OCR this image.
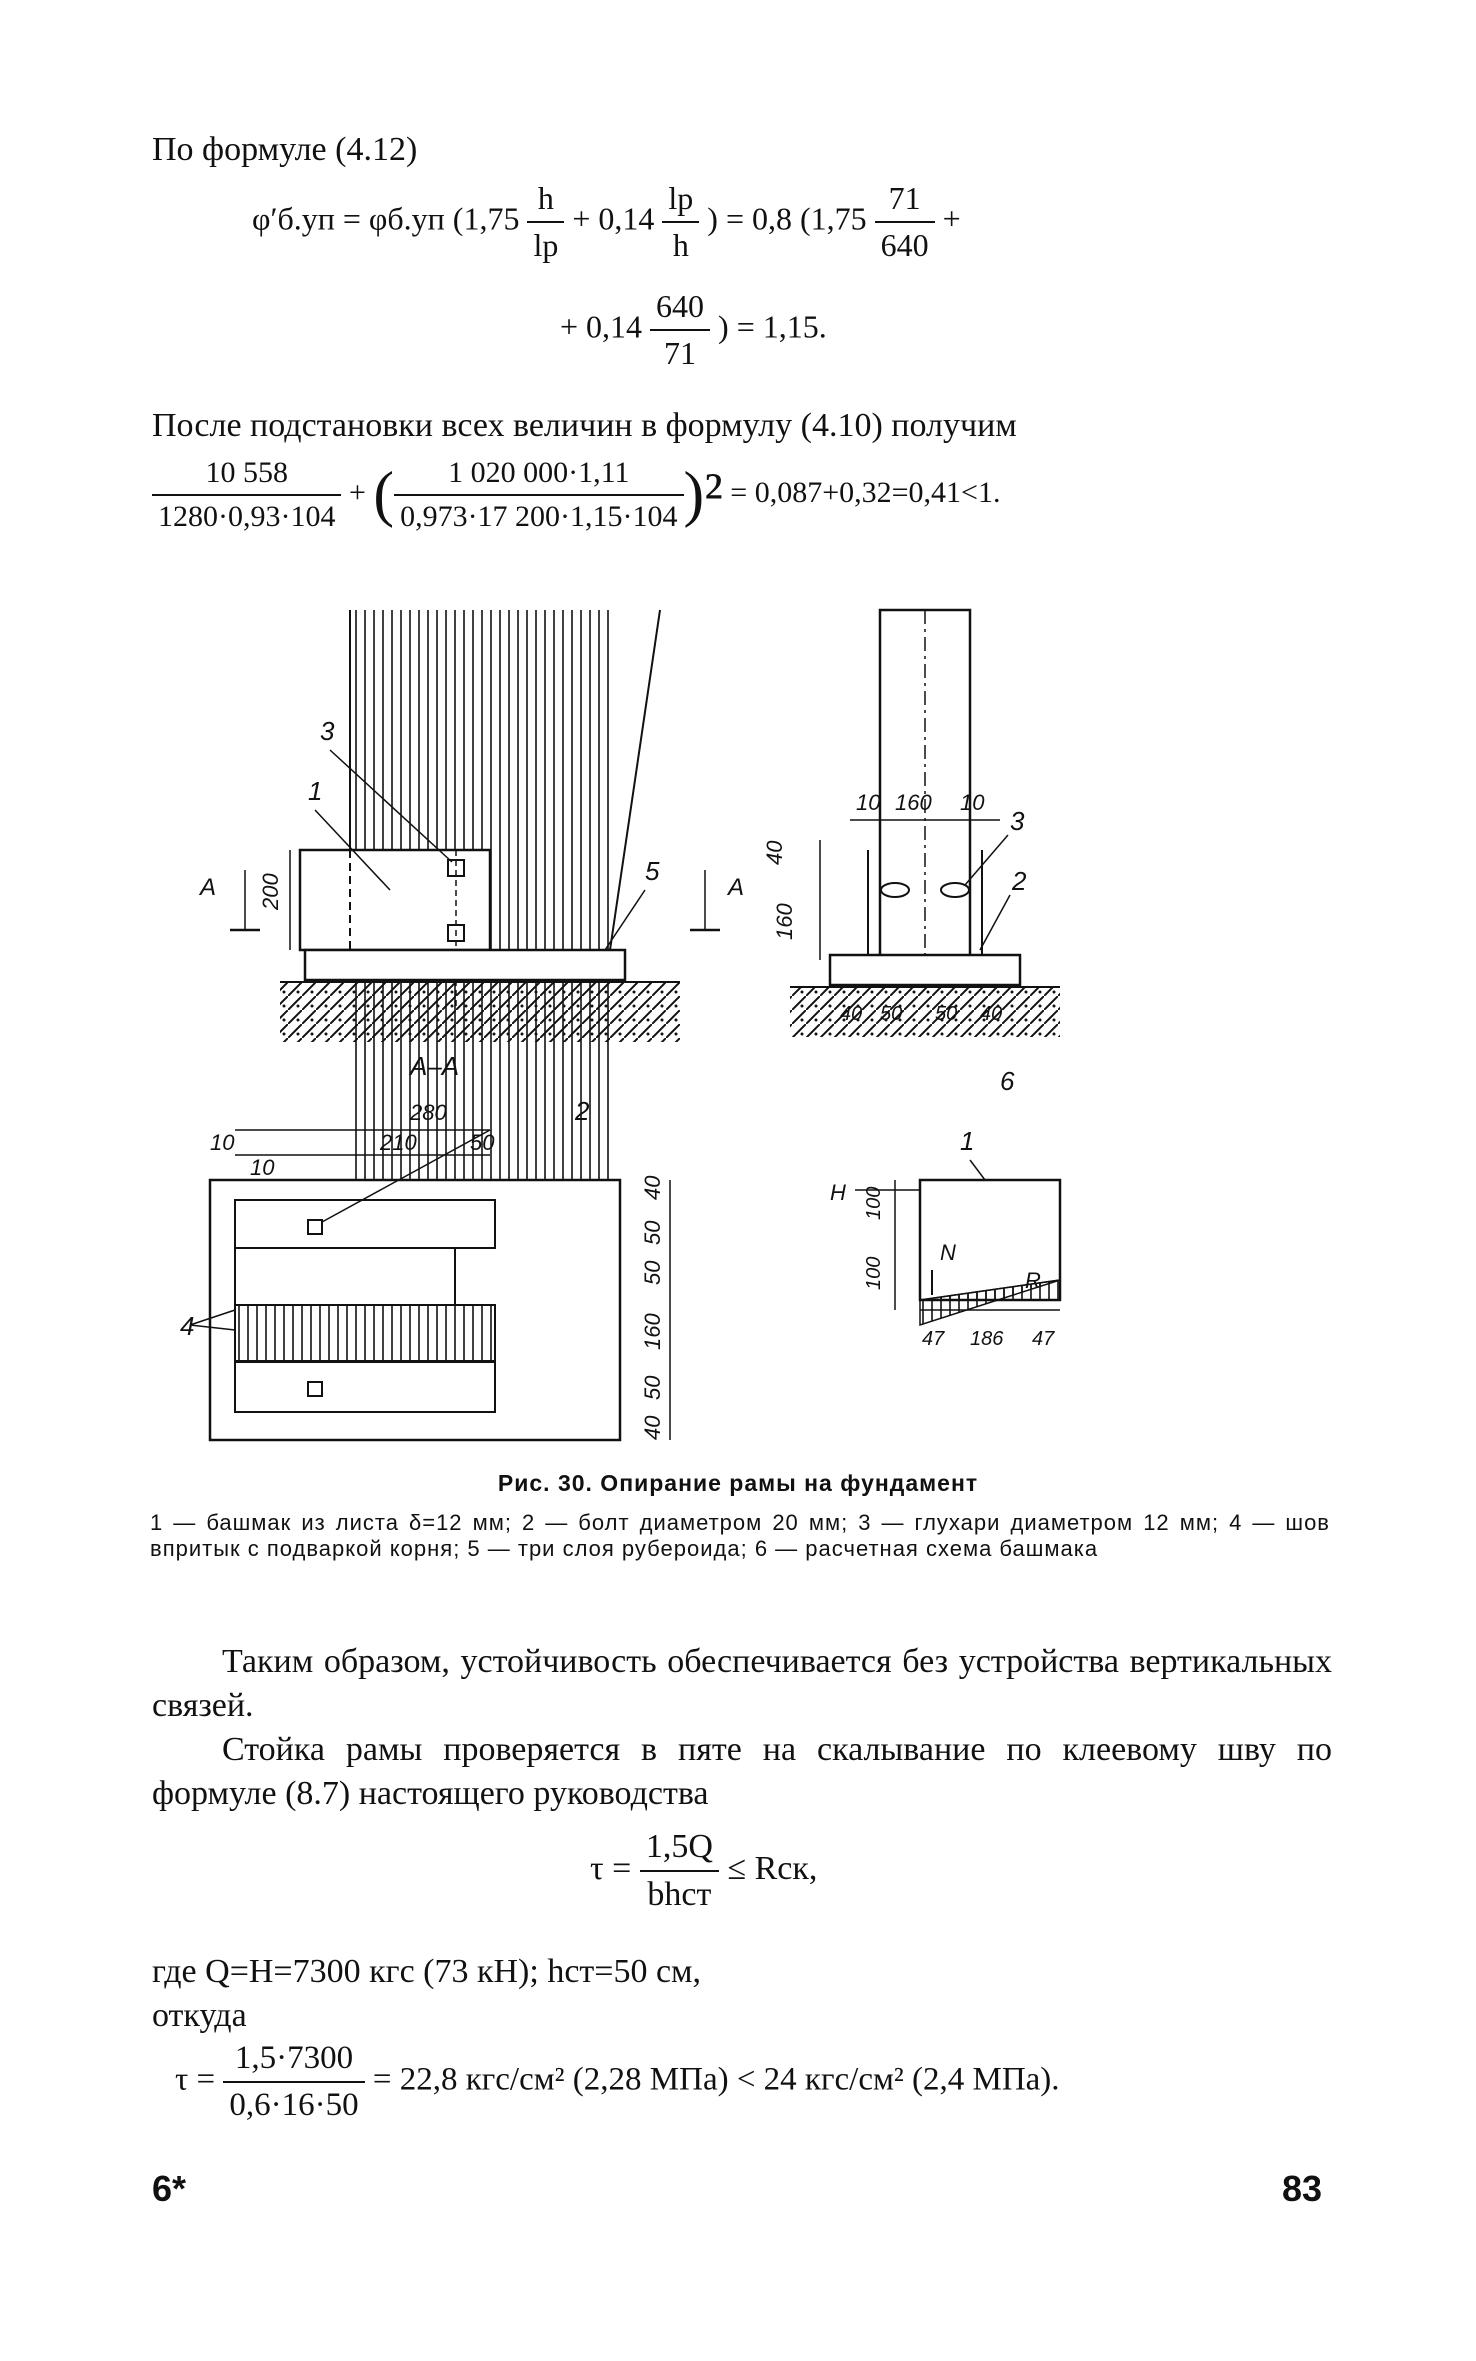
По формуле (4.12)
φ′б.уп = φб.уп ($1,75 \frac{h}{lр} + 0,14 \frac{lр}{h}$ ) = 0,8 ($1,75 \frac{71}{640}$ +
+ $0,14 \frac{640}{71}$ ) = 1,15.
После подстановки всех величин в формулу (4.10) получим
$\frac{10 558}{1280\cdot 0,93\cdot 104}$ + ( $\frac{1 020 000\cdot 1,11}{0,973\cdot 17 200\cdot 1,15\cdot 104} )^2 = 0,087+0,32=0,41<1$.
A	A
200
3
1
5
10 160 10
40
160
3
2
40 50 50 40
A–A
280
10	210 50
10
2
4
40
50
50
160
50
40
6
1
N
R
H 100
100
47 186 47
Рис. 30. Опирание рамы на фундамент
1 — башмак из листа δ=12 мм; 2 — болт диаметром 20 мм; 3 — глухари диаметром 12 мм; 4 — шов впритык с подваркой корня; 5 — три слоя рубероида; 6 — расчетная схема башмака
Таким образом, устойчивость обеспечивается без устройства вертикальных связей.
Стойка рамы проверяется в пяте на скалывание по клеевому шву по формуле (8.7) настоящего руководства
$\tau = \frac{1,5Q}{\text{bhст}}$ ≤ Rск,
где Q=H=7300 кгс (73 кН); hст=50 см,
откуда
$\tau = \frac{1,5\cdot 7300}{0,6\cdot 16\cdot 50} = 22,8$ кгс/см² (2,28 МПа) < 24 кгс/см² (2,4 МПа).
6*	83
